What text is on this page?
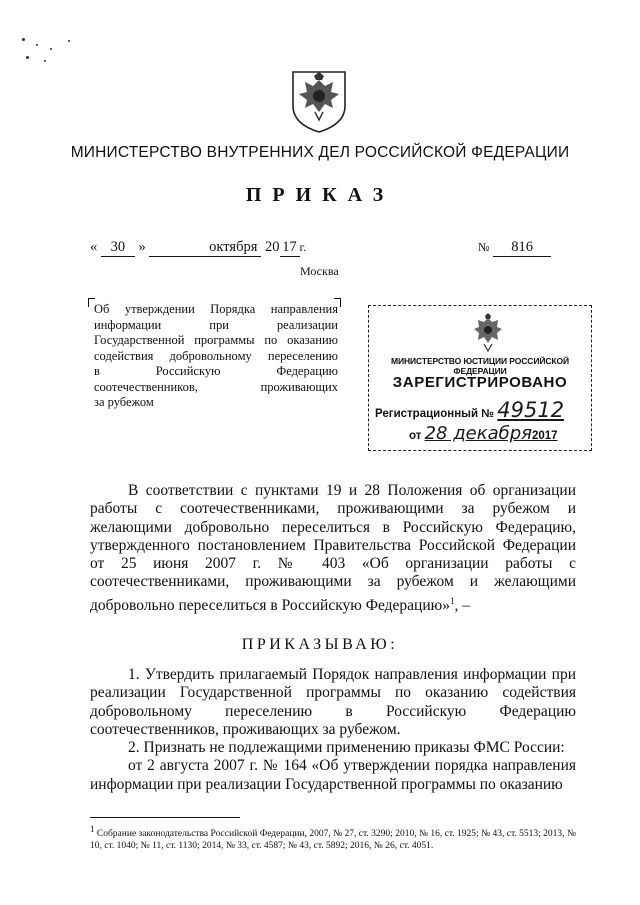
МИНИСТЕРСТВО ВНУТРЕННИХ ДЕЛ РОССИЙСКОЙ ФЕДЕРАЦИИ
ПРИКАЗ
« 30 »	октября 20 17 г.	№ 816
Москва
Об утверждении Порядка направления
информации при реализации
Государственной программы по оказанию
содействия добровольному переселению
в Российскую Федерацию
соотечественников, проживающих
за рубежом
МИНИСТЕРСТВО ЮСТИЦИИ РОССИЙСКОЙ ФЕДЕРАЦИИ
ЗАРЕГИСТРИРОВАНО
Регистрационный № 49512
от 28 декабря2017

В соответствии с пунктами 19 и 28 Положения об организации работы с соотечественниками, проживающими за рубежом и желающими добровольно переселиться в Российскую Федерацию, утвержденного постановлением Правительства Российской Федерации от 25 июня 2007 г. № 403 «Об организации работы с соотечественниками, проживающими за рубежом и желающими добровольно переселиться в Российскую Федерацию»$^1$, –

ПРИКАЗЫВАЮ:

1. Утвердить прилагаемый Порядок направления информации при реализации Государственной программы по оказанию содействия добровольному переселению в Российскую Федерацию соотечественников, проживающих за рубежом.

2. Признать не подлежащими применению приказы ФМС России:

от 2 августа 2007 г. № 164 «Об утверждении порядка направления информации при реализации Государственной программы по оказанию

$^1$ Собрание законодательства Российской Федерации, 2007, № 27, ст. 3290; 2010, № 16, ст. 1925; № 43, ст. 5513; 2013, № 10, ст. 1040; № 11, ст. 1130; 2014, № 33, ст. 4587; № 43, ст. 5892; 2016, № 26, ст. 4051.
